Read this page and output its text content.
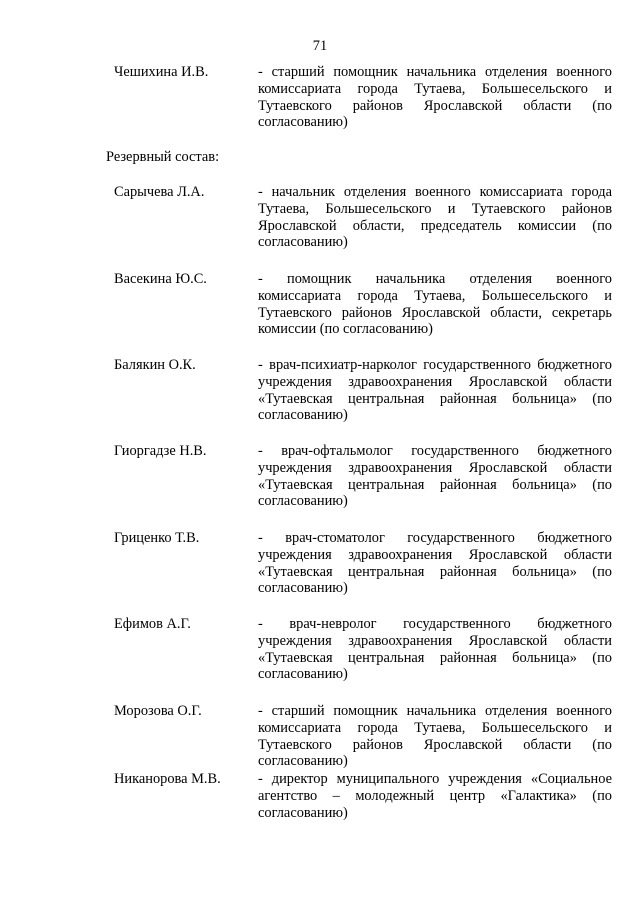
71
Чешихина И.В.	- старший помощник начальника отделения военного комиссариата города Тутаева, Большесельского и Тутаевского районов Ярославской области (по согласованию)
Резервный состав:
Сарычева Л.А.	- начальник отделения военного комиссариата города Тутаева, Большесельского и Тутаевского районов Ярославской области, председатель комиссии (по согласованию)
Васекина Ю.С.	- помощник начальника отделения военного комиссариата города Тутаева, Большесельского и Тутаевского районов Ярославской области, секретарь комиссии (по согласованию)
Балякин О.К.	- врач-психиатр-нарколог государственного бюджетного учреждения здравоохранения Ярославской области «Тутаевская центральная районная больница» (по согласованию)
Гиоргадзе Н.В.	- врач-офтальмолог государственного бюджетного учреждения здравоохранения Ярославской области «Тутаевская центральная районная больница» (по согласованию)
Гриценко Т.В.	- врач-стоматолог государственного бюджетного учреждения здравоохранения Ярославской области «Тутаевская центральная районная больница» (по согласованию)
Ефимов А.Г.	- врач-невролог государственного бюджетного учреждения здравоохранения Ярославской области «Тутаевская центральная районная больница» (по согласованию)
Морозова О.Г.	- старший помощник начальника отделения военного комиссариата города Тутаева, Большесельского и Тутаевского районов Ярославской области (по согласованию)
Никанорова М.В.	- директор муниципального учреждения «Социальное агентство – молодежный центр «Галактика» (по согласованию)
